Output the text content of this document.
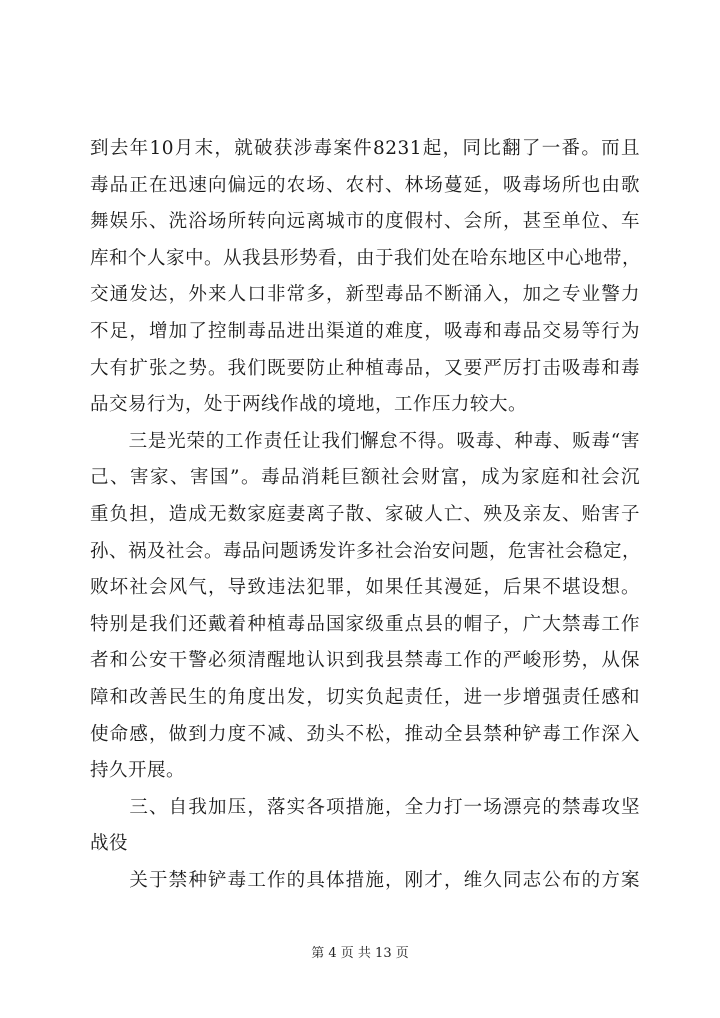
到去年10月末，就破获涉毒案件8231起，同比翻了一番。而且
毒品正在迅速向偏远的农场、农村、林场蔓延，吸毒场所也由歌
舞娱乐、洗浴场所转向远离城市的度假村、会所，甚至单位、车
库和个人家中。从我县形势看，由于我们处在哈东地区中心地带，
交通发达，外来人口非常多，新型毒品不断涌入，加之专业警力
不足，增加了控制毒品进出渠道的难度，吸毒和毒品交易等行为
大有扩张之势。我们既要防止种植毒品，又要严厉打击吸毒和毒
品交易行为，处于两线作战的境地，工作压力较大。
　　三是光荣的工作责任让我们懈怠不得。吸毒、种毒、贩毒“害
己、害家、害国”。毒品消耗巨额社会财富，成为家庭和社会沉
重负担，造成无数家庭妻离子散、家破人亡、殃及亲友、贻害子
孙、祸及社会。毒品问题诱发许多社会治安问题，危害社会稳定，
败坏社会风气，导致违法犯罪，如果任其漫延，后果不堪设想。
特别是我们还戴着种植毒品国家级重点县的帽子，广大禁毒工作
者和公安干警必须清醒地认识到我县禁毒工作的严峻形势，从保
障和改善民生的角度出发，切实负起责任，进一步增强责任感和
使命感，做到力度不减、劲头不松，推动全县禁种铲毒工作深入
持久开展。
　　三、自我加压，落实各项措施，全力打一场漂亮的禁毒攻坚
战役
　　关于禁种铲毒工作的具体措施，刚才，维久同志公布的方案
第 4 页 共 13 页
